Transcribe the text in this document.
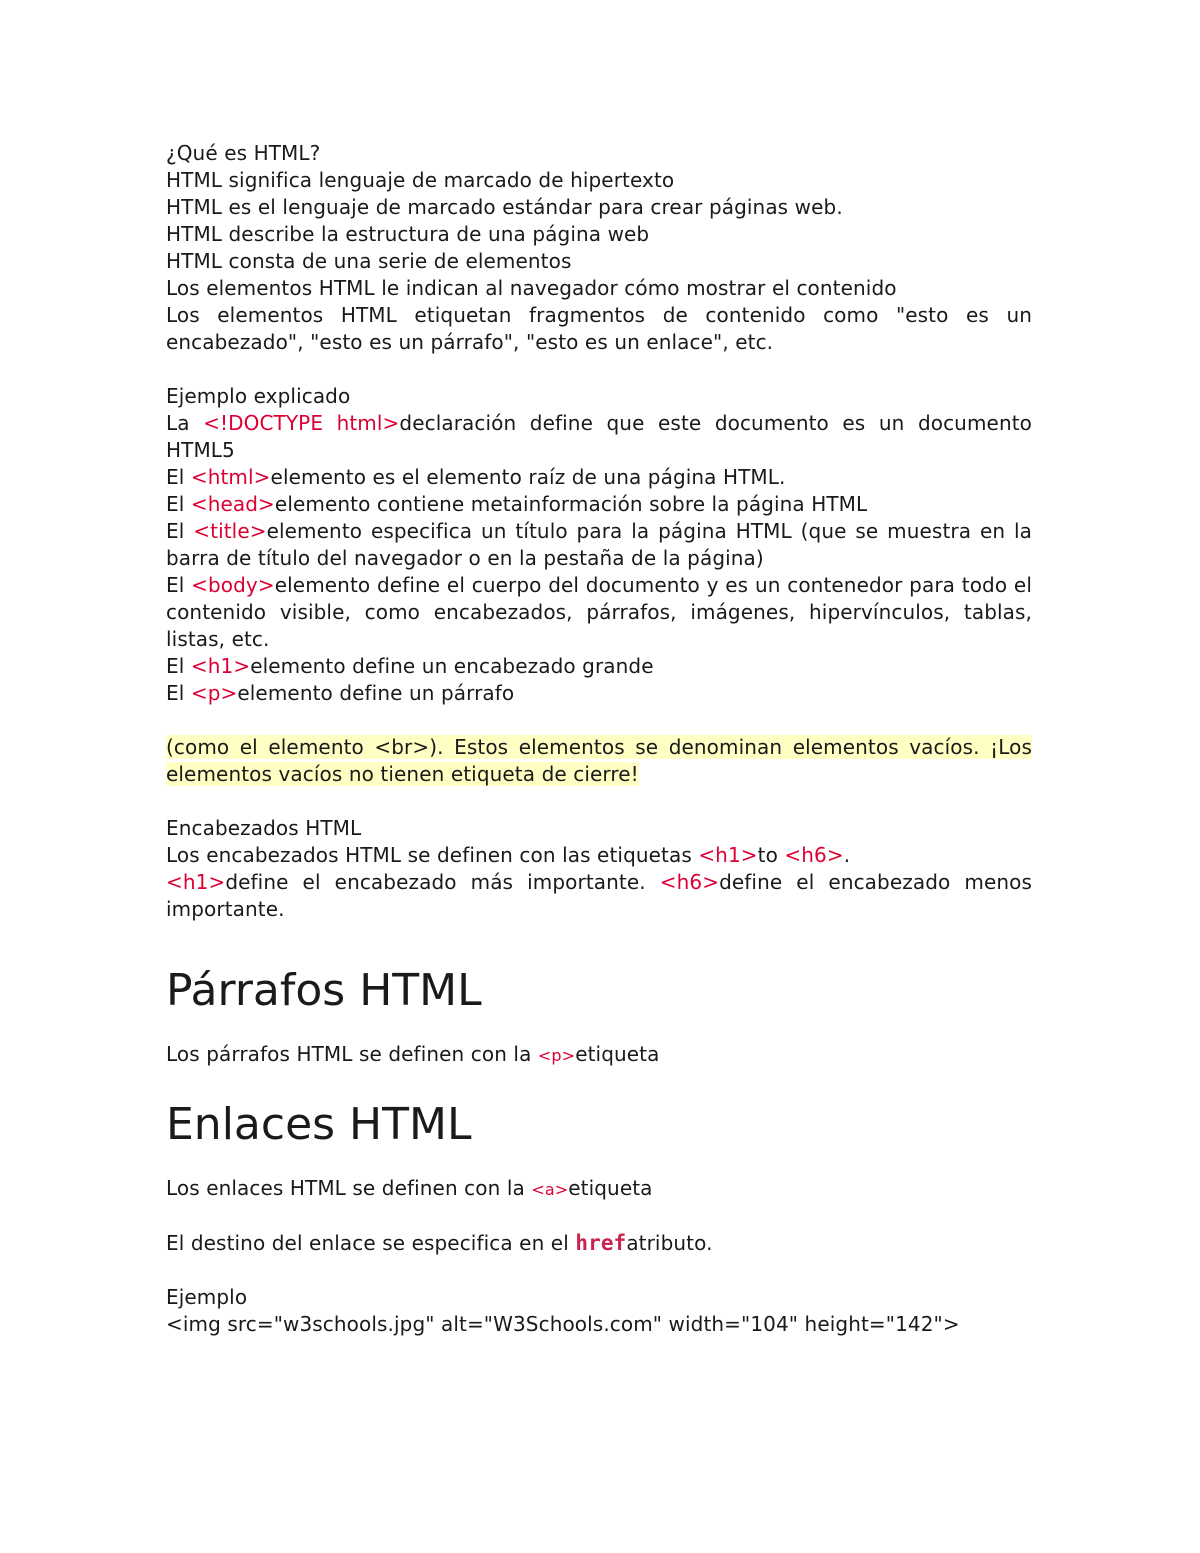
¿Qué es HTML?

HTML significa lenguaje de marcado de hipertexto

HTML es el lenguaje de marcado estándar para crear páginas web.

HTML describe la estructura de una página web

HTML consta de una serie de elementos

Los elementos HTML le indican al navegador cómo mostrar el contenido

Los elementos HTML etiquetan fragmentos de contenido como "esto es un encabezado", "esto es un párrafo", "esto es un enlace", etc.

Ejemplo explicado

La <!DOCTYPE html>declaración define que este documento es un documento HTML5

El <html>elemento es el elemento raíz de una página HTML.

El <head>elemento contiene metainformación sobre la página HTML

El <title>elemento especifica un título para la página HTML (que se muestra en la barra de título del navegador o en la pestaña de la página)

El <body>elemento define el cuerpo del documento y es un contenedor para todo el contenido visible, como encabezados, párrafos, imágenes, hipervínculos, tablas, listas, etc.

El <h1>elemento define un encabezado grande

El <p>elemento define un párrafo

(como el elemento <br>). Estos elementos se denominan elementos vacíos. ¡Los elementos vacíos no tienen etiqueta de cierre!

Encabezados HTML

Los encabezados HTML se definen con las etiquetas <h1>to <h6>.

<h1>define el encabezado más importante. <h6>define el encabezado menos importante.

Párrafos HTML

Los párrafos HTML se definen con la <p>etiqueta

Enlaces HTML

Los enlaces HTML se definen con la <a>etiqueta

El destino del enlace se especifica en el hrefatributo.

Ejemplo

<img src="w3schools.jpg" alt="W3Schools.com" width="104" height="142">
